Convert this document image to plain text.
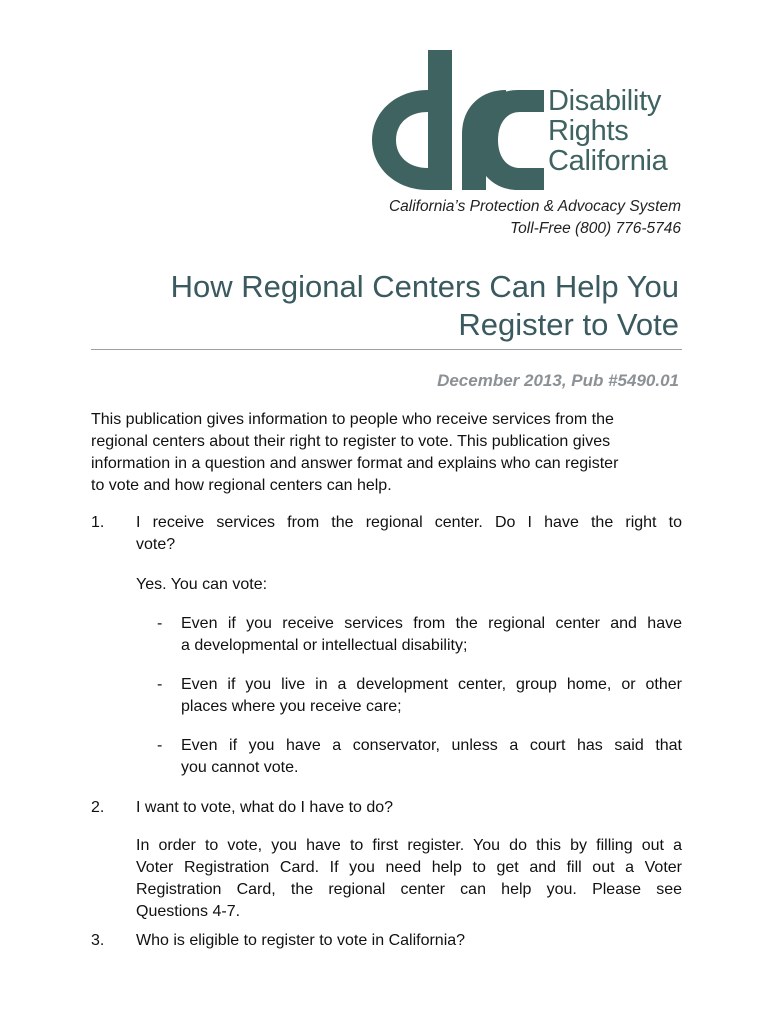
Disability
Rights
California
California’s Protection & Advocacy System
Toll-Free (800) 776-5746
How Regional Centers Can Help You
Register to Vote
December 2013, Pub #5490.01
This publication gives information to people who receive services from the
regional centers about their right to register to vote. This publication gives
information in a question and answer format and explains who can register
to vote and how regional centers can help.
1. I receive services from the regional center. Do I have the right to
vote?
Yes. You can vote:
- Even if you receive services from the regional center and have
a developmental or intellectual disability;
- Even if you live in a development center, group home, or other
places where you receive care;
- Even if you have a conservator, unless a court has said that
you cannot vote.
2. I want to vote, what do I have to do?
In order to vote, you have to first register. You do this by filling out a
Voter Registration Card. If you need help to get and fill out a Voter
Registration Card, the regional center can help you. Please see
Questions 4-7.
3. Who is eligible to register to vote in California?
